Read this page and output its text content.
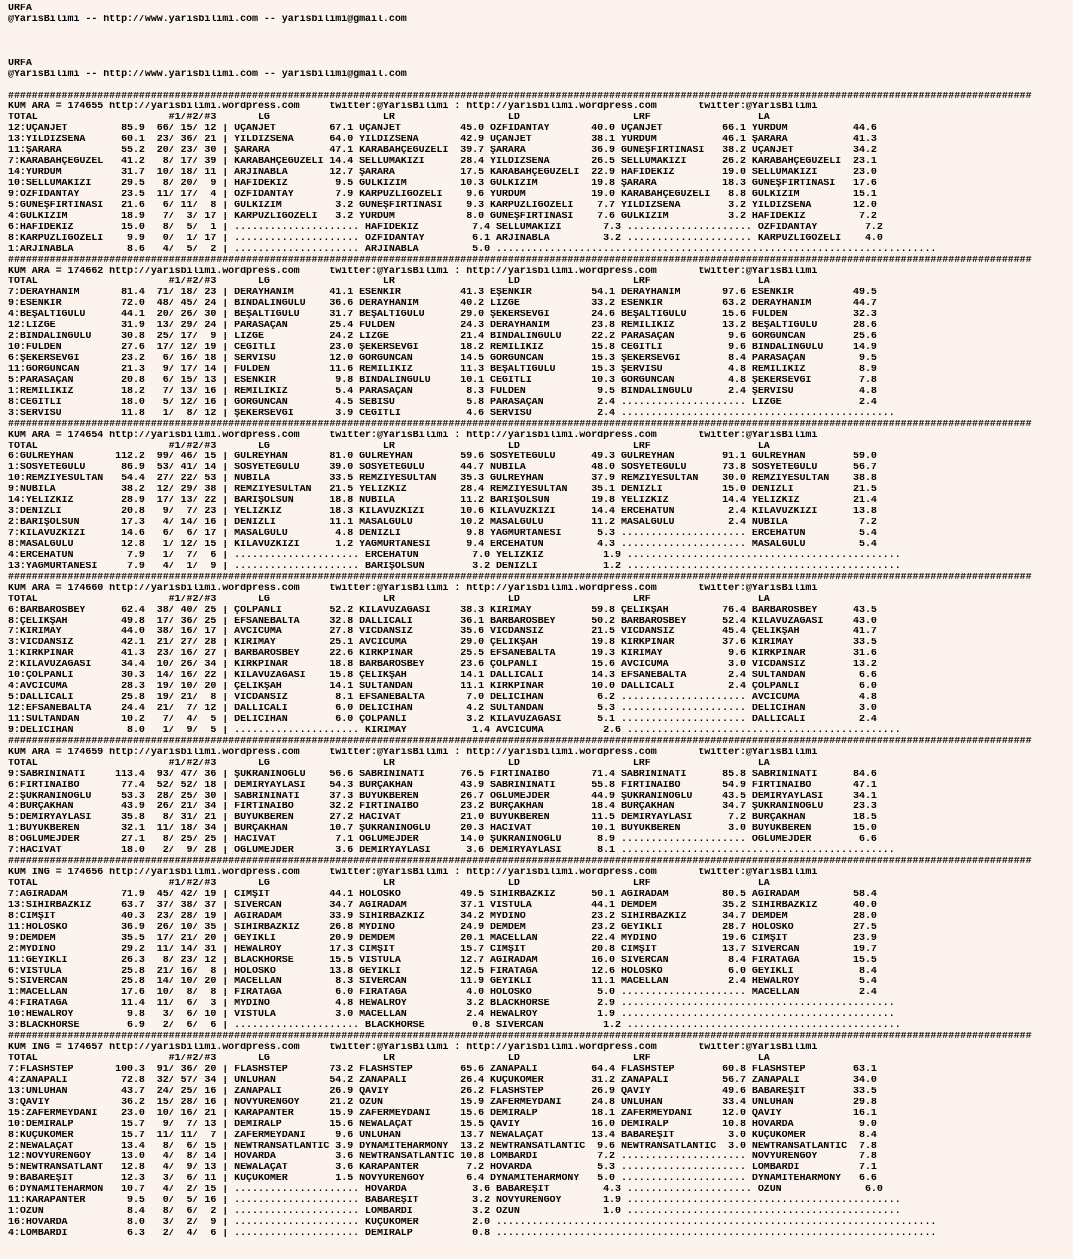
URFA
@YarisBilimi -- http://www.yarisbilimi.com -- yarisbilimi@gmail.com

URFA
@YarisBilimi -- http://www.yarisbilimi.com -- yarisbilimi@gmail.com

############################################################################################################################################################################
KUM ARA = 174655 http://yarisbilimi.wordpress.com     twitter:@YarisBilimi : http://yarisbilimi.wordpress.com       twitter:@YarisBilimi
TOTAL                      #1/#2/#3       LG                   LR                   LD                   LRF                  LA
12:UÇANJET         85.9  66/ 15/ 12 | UÇANJET         67.1 UÇANJET          45.0 ÖZFİDANTAY       40.0 UÇANJET          66.1 YURDUM           44.6
13:YILDIZSENA      60.1  23/ 36/ 21 | YILDIZSENA      64.0 YILDIZSENA       42.9 UÇANJET          38.1 YURDUM           46.1 ŞARARA           41.3
11:ŞARARA          55.2  20/ 23/ 30 | ŞARARA          47.1 KARABAHÇEGÜZELİ  39.7 ŞARARA           36.9 GÜNEŞFIRTINASI   38.2 UÇANJET          34.2
7:KARABAHÇEGÜZEL   41.2   8/ 17/ 39 | KARABAHÇEGÜZELİ 14.4 SELLÜMAKİZİ      28.4 YILDIZSENA       26.5 SELLÜMAKİZİ      26.2 KARABAHÇEGÜZELİ  23.1
14:YURDUM          31.7  10/ 18/ 11 | ARJİNABLA       12.7 ŞARARA           17.5 KARABAHÇEGÜZELİ  22.9 HAFİDEKİZ        19.0 SELLÜMAKİZİ      23.0
10:SELLÜMAKİZİ     29.5   8/ 20/  9 | HAFİDEKİZ        9.5 GÜLKIZIM         10.3 GÜLKIZIM         19.8 ŞARARA           18.3 GÜNEŞFIRTINASI   17.6
9:ÖZFİDANTAY       23.5  11/ 17/  4 | ÖZFİDANTAY       7.9 KARPUZLIGÖZELİ    9.6 YURDUM           19.0 KARABAHÇEGÜZELİ   8.8 GÜLKIZIM         15.1
5:GÜNEŞFIRTINASI   21.6   6/ 11/  8 | GÜLKIZIM         3.2 GÜNEŞFIRTINASI    9.3 KARPUZLIGÖZELİ    7.7 YILDIZSENA        3.2 YILDIZSENA       12.0
4:GÜLKIZIM         18.9   7/  3/ 17 | KARPUZLIGÖZELİ   3.2 YURDUM            8.0 GÜNEŞFIRTINASI    7.6 GÜLKIZIM          3.2 HAFİDEKİZ         7.2
6:HAFİDEKİZ        15.0   8/  5/  1 | ..................... HAFİDEKİZ         7.4 SELLÜMAKİZİ       7.3 ..................... ÖZFİDANTAY        7.2
8:KARPUZLIGÖZELİ    9.9   0/  1/ 17 | ..................... ÖZFİDANTAY        6.1 ARJİNABLA         3.2 ..................... KARPUZLIGÖZELİ    4.0
1:ARJİNABLA         8.6   4/  5/  2 | ..................... ARJİNABLA         5.0 ..........................................................................
############################################################################################################################################################################
KUM ARA = 174662 http://yarisbilimi.wordpress.com     twitter:@YarisBilimi : http://yarisbilimi.wordpress.com       twitter:@YarisBilimi
TOTAL                      #1/#2/#3       LG                   LR                   LD                   LRF                  LA
7:DERAYHANIM       81.4  71/ 18/ 23 | DERAYHANIM      41.1 ESENKIR          41.3 EŞENKIR          54.1 DERAYHANIM       97.6 ESENKIR          49.5
9:ESENKIR          72.0  48/ 45/ 24 | BİNDALINGÜLÜ    36.6 DERAYHANIM       40.2 LİZGE            33.2 ESENKIR          63.2 DERAYHANIM       44.7
4:BEŞALTIGÜLÜ      44.1  20/ 26/ 30 | BEŞALTIGÜLÜ     31.7 BEŞALTIGÜLÜ      29.0 ŞEKERSEVGİ       24.6 BEŞALTIGÜLÜ      15.6 FULDEN           32.3
12:LİZGE           31.9  13/ 29/ 24 | PARASAÇAN       25.4 FULDEN           24.3 DERAYHANIM       23.8 REMİLİKIZ        13.2 BEŞALTIGÜLÜ      28.6
2:BİNDALINGÜLÜ     30.8  25/ 17/  9 | LİZGE           24.2 LİZGE            21.4 BİNDALINGÜLÜ     22.2 PARASAÇAN         9.6 GÖRGÜNCAN        25.6
10:FULDEN          27.6  17/ 12/ 19 | CEĞİTLİ         23.0 ŞEKERSEVGİ       18.2 REMİLİKIZ        15.8 CEĞİTLİ           9.6 BİNDALINGÜLÜ     14.9
6:ŞEKERSEVGİ       23.2   6/ 16/ 18 | SERVİSU         12.0 GÖRGÜNCAN        14.5 GÖRGÜNCAN        15.3 ŞEKERSEVGİ        8.4 PARASAÇAN         9.5
11:GÖRGÜNCAN       21.3   9/ 17/ 14 | FULDEN          11.6 REMİLİKIZ        11.3 BEŞALTIGÜLÜ      15.3 ŞERVİSU           4.8 REMİLİKIZ         8.9
5:PARASAÇAN        20.8   6/ 15/ 13 | ESENKIR          9.8 BİNDALINGÜLÜ     10.1 CEĞİTLİ          10.3 GÖRGÜNCAN         4.8 ŞEKERSEVGİ        7.8
1:REMİLİKIZ        18.2   7/ 13/ 16 | REMİLİKIZ        5.4 PARASAÇAN         8.3 FULDEN            9.5 BİNDALINGÜLÜ      2.4 ŞERVİSU           4.8
8:CEĞİTLİ          18.0   5/ 12/ 16 | GÖRGÜNCAN        4.5 SEBİSU            5.8 PARASAÇAN         2.4 ..................... LİZGE             2.4
3:SERVİSU          11.8   1/  8/ 12 | ŞEKERSEVGİ       3.9 CEĞİTLİ           4.6 SERVİSU           2.4 ..............................................
############################################################################################################################################################################
KUM ARA = 174654 http://yarisbilimi.wordpress.com     twitter:@YarisBilimi : http://yarisbilimi.wordpress.com       twitter:@YarisBilimi
TOTAL                      #1/#2/#3       LG                   LR                   LD                   LRF                  LA
6:GÜLREYHAN       112.2  99/ 46/ 15 | GÜLREYHAN       81.0 GÜLREYHAN        59.6 SOSYETEGÜLÜ      49.3 GÜLREYHAN        91.1 GÜLREYHAN        59.0
1:SOSYETEGÜLÜ      86.9  53/ 41/ 14 | SOSYETEGÜLÜ     39.0 SOSYETEGÜLÜ      44.7 NUBİLA           48.0 SOSYETEGÜLÜ      73.8 SOSYETEGÜLÜ      56.7
10:REMZİYESULTAN   54.4  27/ 22/ 53 | NUBİLA          33.5 REMZİYESULTAN    35.3 GÜLREYHAN        37.9 REMZİYESULTAN    30.0 REMZİYESULTAN    38.8
9:NUBİLA           38.2  12/ 29/ 38 | REMZİYESULTAN   21.5 YELİZKIZ         28.4 REMZİYESULTAN    35.1 DENİZLİ          15.0 DENİZLİ          21.5
14:YELİZKIZ        28.9  17/ 13/ 22 | BARIŞOLSUN      18.8 NUBİLA           11.2 BARIŞOLSUN       19.8 YELİZKIZ         14.4 YELİZKIZ         21.4
3:DENİZLİ          20.8   9/  7/ 23 | YELİZKIZ        18.3 KILAVUZKIZI      10.6 KILAVUZKIZI      14.4 ERCEHATUN         2.4 KILAVUZKIZI      13.8
2:BARIŞOLSUN       17.3   4/ 14/ 16 | DENİZLİ         11.1 MASALGÜLÜ        10.2 MASALGÜLÜ        11.2 MASALGÜLÜ         2.4 NUBİLA            7.2
7:KILAVUZKIZI      14.6   6/  6/ 17 | MASALGÜLÜ        4.8 DENİZLİ           9.8 YAĞMURTANESİ      5.3 ..................... ERCEHATUN         5.4
8:MASALGÜLÜ        12.8   1/ 12/ 15 | KILAVUZKIZI      1.2 YAĞMURTANESİ      9.4 ERCEHATUN         4.3 ..................... MASALGÜLÜ         5.4
4:ERCEHATUN         7.9   1/  7/  6 | ..................... ERCEHATUN         7.0 YELİZKIZ          1.9 ..............................................
13:YAĞMURTANESİ     7.9   4/  1/  9 | ..................... BARIŞOLSUN        3.2 DENİZLİ           1.2 ..............................................
############################################################################################################################################################################
KUM ARA = 174660 http://yarisbilimi.wordpress.com     twitter:@YarisBilimi : http://yarisbilimi.wordpress.com       twitter:@YarisBilimi
TOTAL                      #1/#2/#3       LG                   LR                   LD                   LRF                  LA
6:BARBAROSBEY      62.4  38/ 40/ 25 | ÇOLPANLI        52.2 KILAVUZAĞASI     38.3 KIRIMAY          59.8 ÇELİKŞAH         76.4 BARBAROSBEY      43.5
8:ÇELİKŞAH         49.8  17/ 36/ 25 | EFSANEBALTA     32.8 DALLICALI        36.1 BARBAROSBEY      50.2 BARBAROSBEY      52.4 KILAVUZAĞASI     43.0
7:KIRIMAY          44.0  38/ 16/ 17 | AVCICUMA        27.8 VİCDANSIZ        35.6 VİCDANSIZ        21.5 VİCDANSIZ        45.4 ÇELİKŞAH         41.7
3:VİCDANSIZ        42.1  21/ 27/ 28 | KIRIMAY         25.1 AVCICUMA         29.0 ÇELİKŞAH         19.8 KIRKPINAR        37.6 KIRIMAY          33.5
1:KIRKPINAR        41.3  23/ 16/ 27 | BARBAROSBEY     22.6 KIRKPINAR        25.5 EFSANEBALTA      19.3 KIRIMAY           9.6 KIRKPINAR        31.6
2:KILAVUZAĞASI     34.4  10/ 26/ 34 | KIRKPINAR       18.8 BARBAROSBEY      23.6 ÇOLPANLI         15.6 AVCICUMA          3.0 VİCDANSIZ        13.2
10:ÇOLPANLI        30.3  14/ 16/ 22 | KILAVUZAĞASI    15.8 ÇELİKŞAH         14.1 DALLICALI        14.3 EFSANEBALTA       2.4 SULTANDAN         6.6
4:AVCICUMA         28.3  19/ 10/ 20 | ÇELİKŞAH        14.1 SULTANDAN        11.1 KIRKPINAR        10.0 DALLICALI         2.4 ÇOLPANLI          6.0
5:DALLICALI        25.8  19/ 21/  8 | VİCDANSIZ        8.1 EFSANEBALTA       7.0 DELİCİHAN         6.2 ..................... AVCICUMA          4.8
12:EFSANEBALTA     24.4  21/  7/ 12 | DALLICALI        6.0 DELİCİHAN         4.2 SULTANDAN         5.3 ..................... DELİCİHAN         3.0
11:SULTANDAN       10.2   7/  4/  5 | DELİCİHAN        6.0 ÇOLPANLI          3.2 KILAVUZAĞASI      5.1 ..................... DALLICALI         2.4
9:DELİCİHAN         8.0   1/  9/  5 | ..................... KIRIMAY           1.4 AVCICUMA          2.6 ..............................................
############################################################################################################################################################################
KUM ARA = 174659 http://yarisbilimi.wordpress.com     twitter:@YarisBilimi : http://yarisbilimi.wordpress.com       twitter:@YarisBilimi
TOTAL                      #1/#2/#3       LG                   LR                   LD                   LRF                  LA
9:SABRİNİNATI     113.4  93/ 47/ 36 | ŞÜKRANINOĞLU    56.6 SABRİNİNATI      76.5 FIRTINAİBO       71.4 SABRİNİNATI      85.8 SABRİNİNATI      84.6
6:FIRTINAİBO       77.4  52/ 52/ 18 | DEMİRYAYLASI    54.3 BURÇAKHAN        43.9 SABRİNİNATI      55.8 FIRTINAİBO       54.9 FIRTINAİBO       47.1
2:ŞÜKRANINOĞLU     53.3  28/ 25/ 30 | SABRİNİNATI     37.3 BÜYÜKBEREN       26.7 OĞLUMEJDER       44.9 ŞÜKRANINOĞLU     43.5 DEMİRYAYLASI     34.1
4:BURÇAKHAN        43.9  26/ 21/ 34 | FIRTINAİBO      32.2 FIRTINAİBO       23.2 BURÇAKHAN        18.4 BURÇAKHAN        34.7 ŞÜKRANINOĞLU     23.3
5:DEMİRYAYLASI     35.8   8/ 31/ 21 | BÜYÜKBEREN      27.2 HACİVAT          21.0 BÜYÜKBEREN       11.5 DEMİRYAYLASI      7.2 BURÇAKHAN        18.5
1:BÜYÜKBEREN       32.1  11/ 18/ 34 | BURÇAKHAN       10.7 ŞÜKRANINOĞLU     20.3 HACİVAT          10.1 BÜYÜKBEREN        3.0 BÜYÜKBEREN       15.0
8:OĞLUMEJDER       27.1   8/ 25/ 25 | HACİVAT          7.1 OĞLUMEJDER       14.0 ŞÜKRANINOĞLU      8.9 ..................... OĞLUMEJDER        6.6
7:HACİVAT          18.0   2/  9/ 28 | OĞLUMEJDER       3.6 DEMİRYAYLASI      3.6 DEMİRYAYLASI      8.1 ..............................................
############################################################################################################################################################################
KUM ING = 174656 http://yarisbilimi.wordpress.com     twitter:@YarisBilimi : http://yarisbilimi.wordpress.com       twitter:@YarisBilimi
TOTAL                      #1/#2/#3       LG                   LR                   LD                   LRF                  LA
7:AĞIRADAM         71.9  45/ 42/ 19 | CIMŞİT          44.1 HOLOSKO          49.5 SİHİRBAZKIZ      50.1 AĞIRADAM         80.5 AĞIRADAM         58.4
13:SİHİRBAZKIZ     63.7  37/ 38/ 37 | SİVERCAN        34.7 AĞIRADAM         37.1 VİSTULA          44.1 DEMDEM           35.2 SİHİRBAZKIZ      40.0
8:CIMŞİT           40.3  23/ 28/ 19 | AĞIRADAM        33.9 SİHİRBAZKIZ      34.2 MYDİNO           23.2 SİHİRBAZKIZ      34.7 DEMDEM           28.0
11:HOLOSKO         36.9  26/ 10/ 35 | SİHİRBAZKIZ     26.8 MYDİNO           24.9 DEMDEM           23.2 GEYİKLİ          28.7 HOLOSKO          27.5
9:DEMDEM           35.5  17/ 21/ 20 | GEYİKLİ         20.9 DEMDEM           20.1 MACELLAN         22.4 MYDİNO           19.6 CIMŞİT           23.9
2:MYDİNO           29.2  11/ 14/ 31 | HEWALROY        17.3 CIMŞİT           15.7 CIMŞİT           20.8 CIMŞİT           13.7 SİVERCAN         19.7
11:GEYİKLİ         26.3   8/ 23/ 12 | BLACKHORSE      15.5 VİSTULA          12.7 AĞIRADAM         16.0 SİVERCAN          8.4 FIRATAĞA         15.5
6:VİSTULA          25.8  21/ 16/  8 | HOLOSKO         13.8 GEYİKLİ          12.5 FIRATAĞA         12.6 HOLOSKO           6.0 GEYİKLİ           8.4
5:SİVERCAN         25.8  14/ 10/ 20 | MACELLAN         8.3 SİVERCAN         11.9 GEYİKLİ          11.1 MACELLAN          2.4 HEWALROY          5.4
1:MACELLAN         17.6  10/  8/  8 | FIRATAĞA         6.0 FIRATAĞA          4.0 HOLOSKO           5.0 ..................... MACELLAN          2.4
4:FIRATAĞA         11.4  11/  6/  3 | MYDİNO           4.8 HEWALROY          3.2 BLACKHORSE        2.9 ..............................................
10:HEWALROY         9.8   3/  6/ 10 | VİSTULA          3.0 MACELLAN          2.4 HEWALROY          1.9 ..............................................
3:BLACKHORSE        6.9   2/  6/  6 | ..................... BLACKHORSE        0.8 SİVERCAN          1.2 ..............................................
############################################################################################################################################################################
KUM ING = 174657 http://yarisbilimi.wordpress.com     twitter:@YarisBilimi : http://yarisbilimi.wordpress.com       twitter:@YarisBilimi
TOTAL                      #1/#2/#3       LG                   LR                   LD                   LRF                  LA
7:FLASHSTEP       100.3  91/ 36/ 20 | FLASHSTEP       73.2 FLASHSTEP        65.6 ZANAPALI         64.4 FLASHSTEP        60.8 FLASHSTEP        63.1
4:ZANAPALI         72.8  32/ 57/ 34 | ÜNLÜHAN         54.2 ZANAPALI         26.4 KÜÇÜKÖMER        31.2 ZANAPALI         56.7 ZANAPALI         34.0
13:ÜNLÜHAN         43.7  24/ 25/ 16 | ZANAPALI        26.9 QAVİY            26.2 FLASHSTEP        26.9 QAVİY            49.6 BABAREŞİT        33.5
3:QAVİY            36.2  15/ 28/ 16 | NOVYURENGOY     21.2 ÖZÜN             15.9 ZAFERMEYDANI     24.8 ÜNLÜHAN          33.4 ÜNLÜHAN          29.8
15:ZAFERMEYDANI    23.0  10/ 16/ 21 | KARAPANTER      15.9 ZAFERMEYDANI     15.6 DEMİRALP         18.1 ZAFERMEYDANI     12.0 QAVİY            16.1
10:DEMİRALP        15.7   9/  7/ 13 | DEMİRALP        15.6 NEWALAÇAT        15.5 QAVİY            16.0 DEMİRALP         10.8 HOVARDA           9.0
8:KÜÇÜKÖMER        15.7  11/ 11/  7 | ZAFERMEYDANI     9.6 ÜNLÜHAN          13.7 NEWALAÇAT        13.4 BABAREŞİT         3.0 KÜÇÜKÖMER         8.4
2:NEWALAÇAT        13.4   8/  6/ 15 | NEWTRANSATLANTIC 3.9 DYNAMITEHARMONY  13.2 NEWTRANSATLANTIC  9.6 NEWTRANSATLANTIC  3.0 NEWTRANSATLANTIC  7.8
12:NOVYURENGOY     13.0   4/  8/ 14 | HOVARDA          3.6 NEWTRANSATLANTIC 10.8 LOMBARDİ          7.2 ..................... NOVYURENGOY       7.8
5:NEWTRANSATLANT   12.8   4/  9/ 13 | NEWALAÇAT        3.6 KARAPANTER        7.2 HOVARDA           5.3 ..................... LOMBARDİ          7.1
9:BABAREŞİT        12.3   3/  6/ 11 | KÜÇÜKÖMER        1.5 NOVYURENGOY       6.4 DYNAMITEHARMONY   5.0 ..................... DYNAMITEHARMONY   6.6
6:DYNAMITEHARMON   10.7   4/  2/ 15 | ..................... HOVARDA           3.6 BABAREŞİT         4.3 ..................... ÖZÜN              6.0
11:KARAPANTER       9.5   0/  5/ 16 | ..................... BABAREŞİT         3.2 NOVYURENGOY       1.9 ..............................................
1:ÖZÜN              8.4   8/  6/  2 | ..................... LOMBARDİ          3.2 ÖZÜN              1.0 ..............................................
16:HOVARDA          8.0   3/  2/  9 | ..................... KÜÇÜKÖMER         2.0 ..........................................................................
4:LOMBARDİ          6.3   2/  4/  6 | ..................... DEMİRALP          0.8 ..........................................................................
